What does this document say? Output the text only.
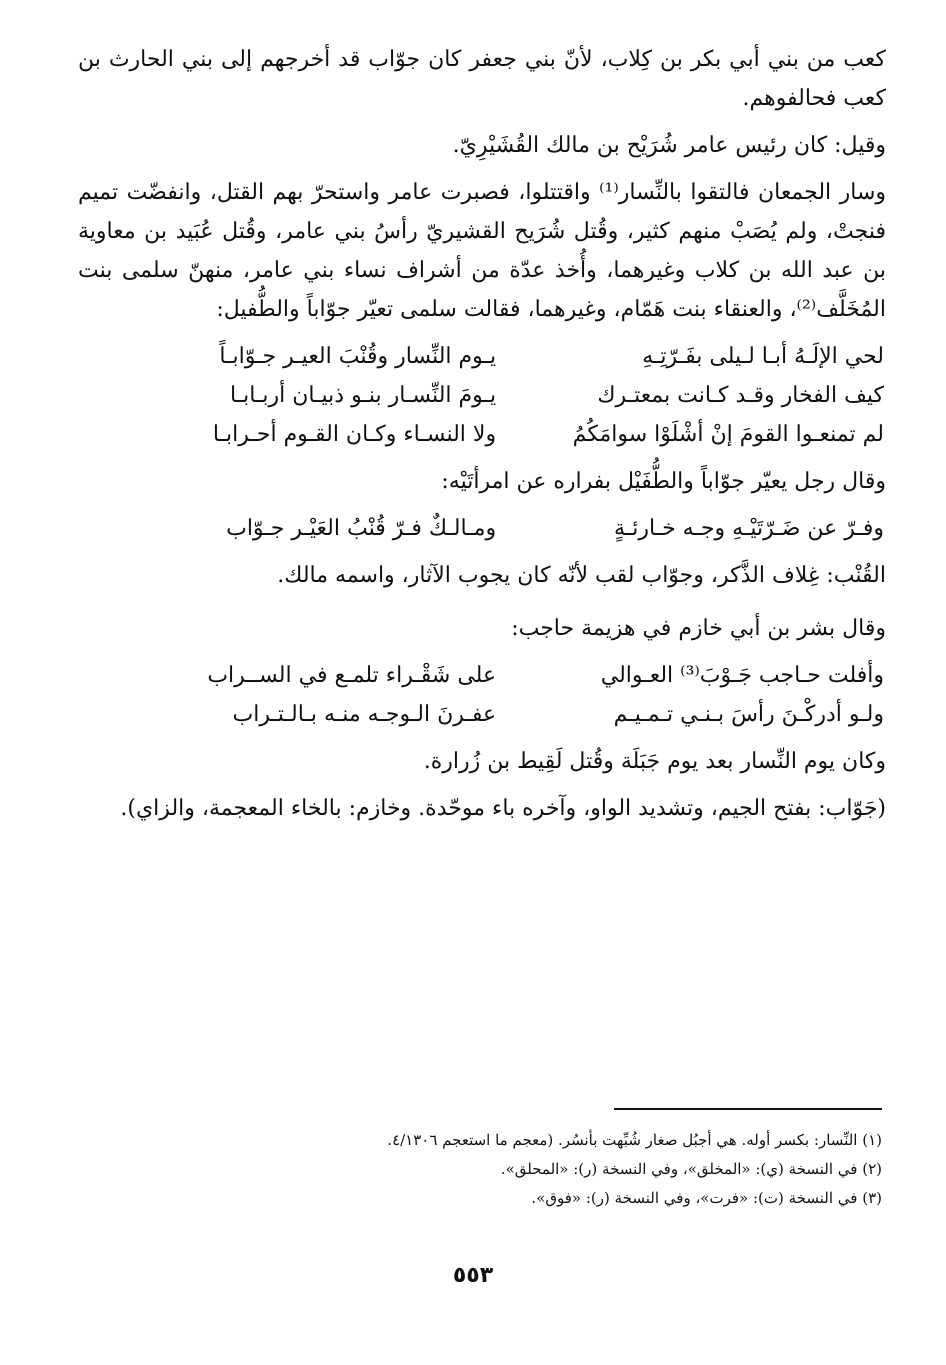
كعب من بني أبي بكر بن كِلاب، لأنّ بني جعفر كان جوّاب قد أخرجهم إلى بني الحارث بن كعب فحالفوهم.

وقيل: كان رئيس عامر شُرَيْح بن مالك القُشَيْرِيّ.

وسار الجمعان فالتقوا بالنِّسار⁽¹⁾ واقتتلوا، فصبرت عامر واستحرّ بهم القتل، وانفضّت تميم فنجتْ، ولم يُصَبْ منهم كثير، وقُتل شُرَيح القشيريّ رأسُ بني عامر، وقُتل عُبَيد بن معاوية بن عبد الله بن كلاب وغيرهما، وأُخذ عدّة من أشراف نساء بني عامر، منهنّ سلمى بنت المُخَلَّف⁽²⁾، والعنقاء بنت هَمّام، وغيرهما، فقالت سلمى تعيّر جوّاباً والطُّفيل:

لحي الإلَـهُ أبـا لـيلى بفَـرّتِـهِ
يـوم النِّسار وقُنْبَ العيـر جـوّابـاً
كيف الفخار وقـد كـانت بمعتـرك
يـومَ النِّسـار بنـو ذبيـان أربـابـا
لم تمنعـوا القومَ إنْ أشْلَوْا سوامَكُمُ
ولا النسـاء وكـان القـوم أحـرابـا

وقال رجل يعيّر جوّاباً والطُّفَيْل بفراره عن امرأتَيْه:

وفـرّ عن ضَـرّتَيْـهِ وجـه خـارئـةٍ
ومـالـكٌ فـرّ قُنْبُ العَيْـر جـوّاب

القُنْب: غِلاف الذَّكر، وجوّاب لقب لأنّه كان يجوب الآثار، واسمه مالك.

وقال بشر بن أبي خازم في هزيمة حاجب:

وأفلت حـاجب جَـوْبَ⁽³⁾ العـوالي
على شَقْـراء تلمـع في الســراب
ولـو أدركْـنَ رأسَ بـنـي تـمـيـم
عفـرنَ الـوجـه منـه بـالـتـراب

وكان يوم النِّسار بعد يوم جَبَلَة وقُتل لَقِيط بن زُرارة.

(جَوّاب: بفتح الجيم، وتشديد الواو، وآخره باء موحّدة. وخازم: بالخاء المعجمة، والزاي).

(١) النِّسار: بكسر أوله. هي أجبُل صغار شُبِّهت بأنسُر. (معجم ما استعجم ٤/١٣٠٦.

(٢) في النسخة (ي): «المخلق»، وفي النسخة (ر): «المحلق».

(٣) في النسخة (ت): «فرت»، وفي النسخة (ر): «فوق».

٥٥٣
